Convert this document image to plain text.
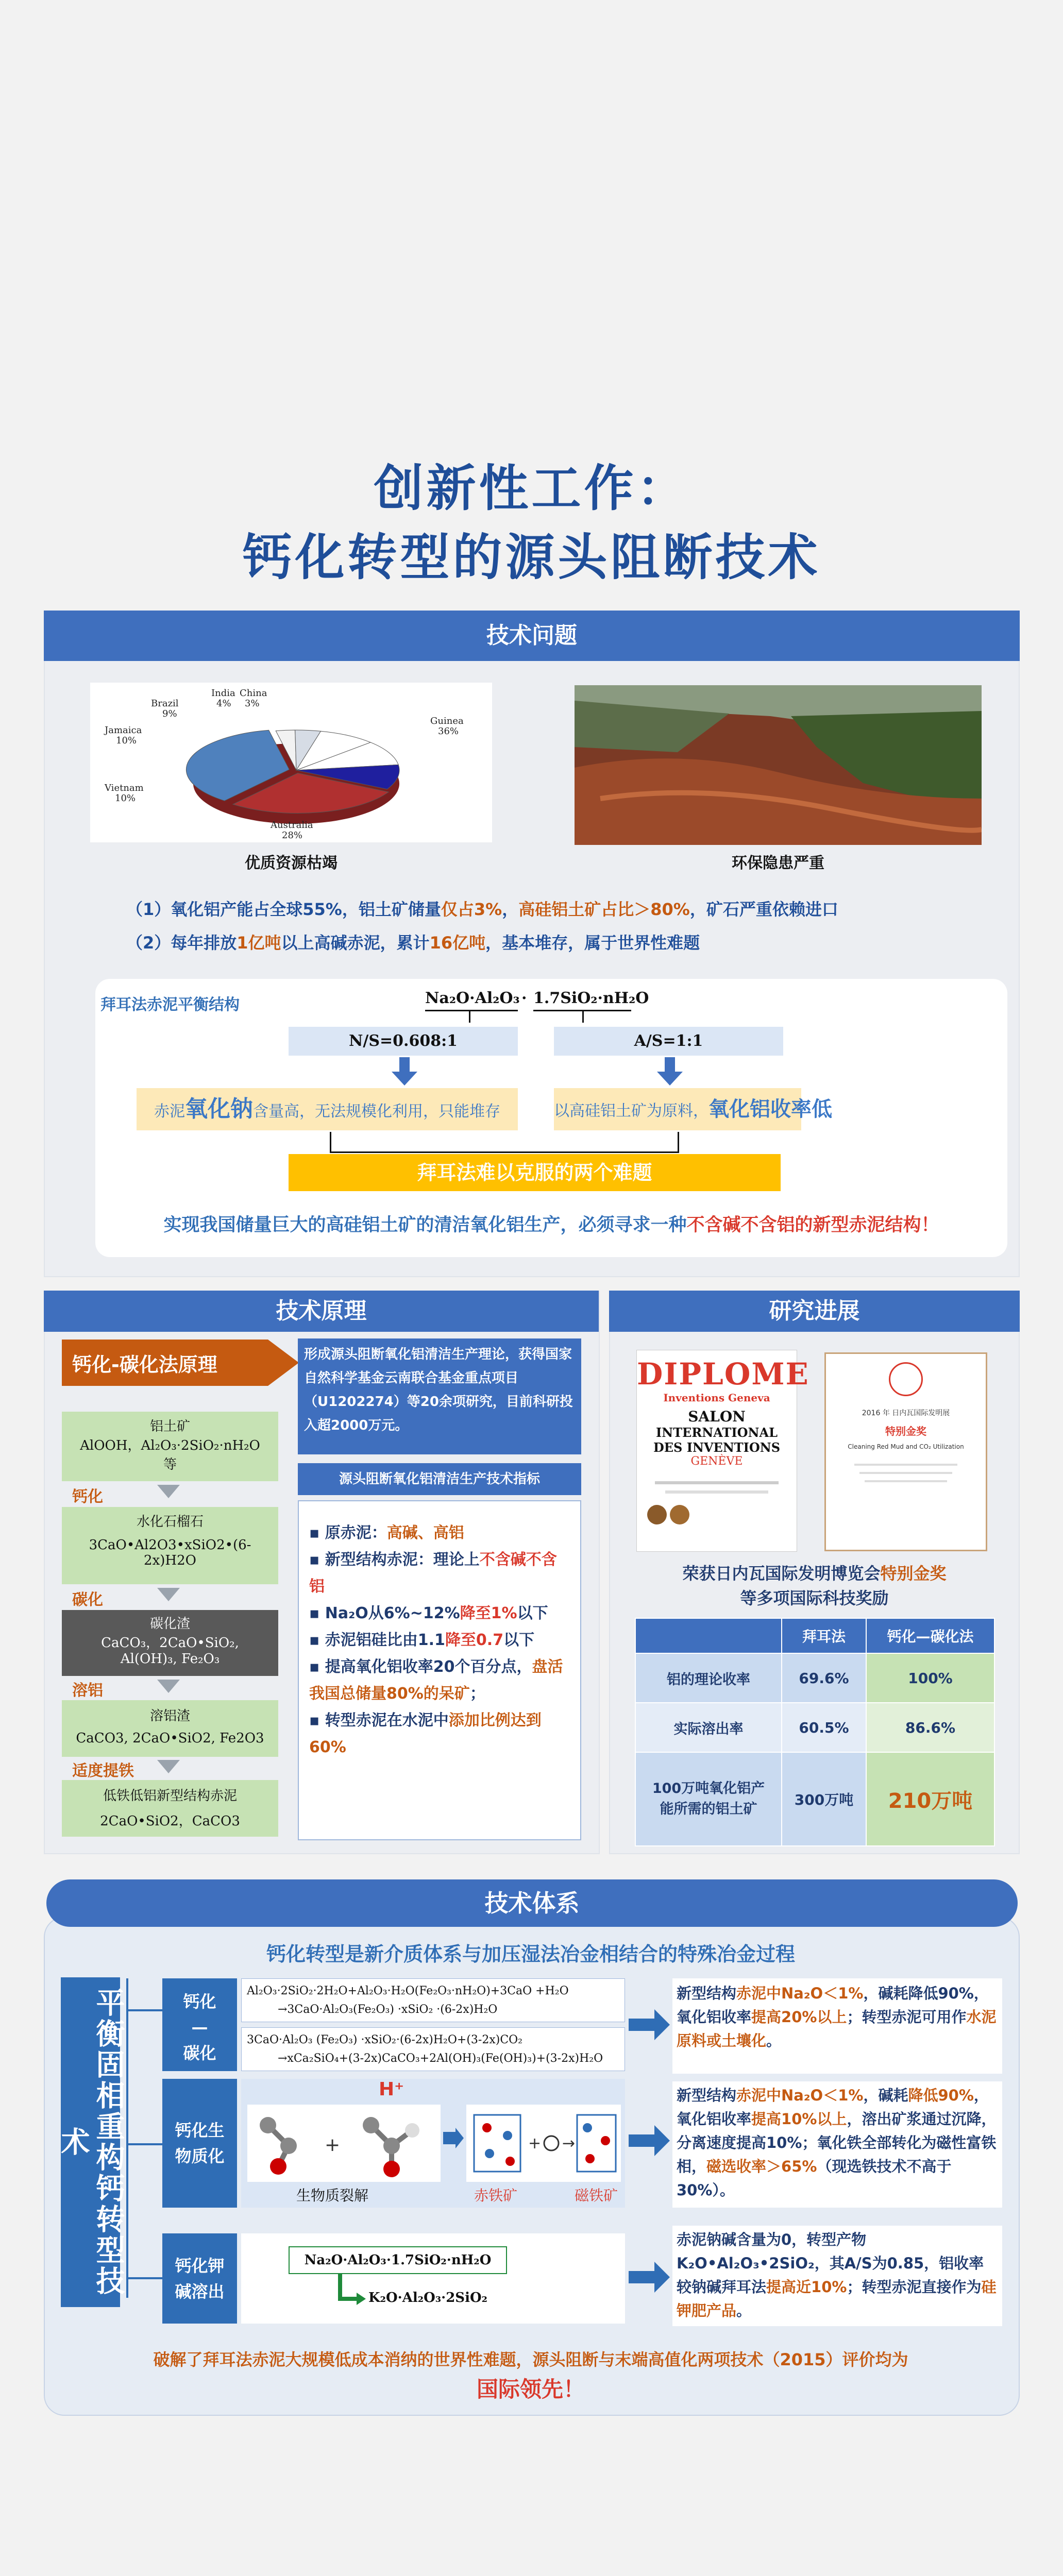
创新性工作：
钙化转型的源头阻断技术
技术问题
China
3%
India
4%
Brazil
9%
Jamaica
10%
Vietnam
10%
Australia
28%
Guinea
36%
优质资源枯竭	环保隐患严重
（1）氧化铝产能占全球55%，铝土矿储量仅占3%，高硅铝土矿占比＞80%，矿石严重依赖进口
（2）每年排放1亿吨以上高碱赤泥，累计16亿吨，基本堆存，属于世界性难题
拜耳法赤泥平衡结构	Na₂O·Al₂O₃ · 1.7SiO₂·nH₂O
N/S=0.608:1	A/S=1:1
赤泥氧化钠含量高，无法规模化利用，只能堆存	以高硅铝土矿为原料，氧化铝收率低
拜耳法难以克服的两个难题
实现我国储量巨大的高硅铝土矿的清洁氧化铝生产，必须寻求一种不含碱不含铝的新型赤泥结构！
技术原理
钙化-碳化法原理
铝土矿
AlOOH，Al₂O₃·2SiO₂·nH₂O
等
钙化
水化石榴石
3CaO•Al2O3•xSiO2•(6-
2x)H2O
碳化
碳化渣
CaCO₃，2CaO•SiO₂,
Al(OH)₃, Fe₂O₃
溶铝
溶铝渣
CaCO3, 2CaO•SiO2, Fe2O3
适度提铁
低铁低铝新型结构赤泥
2CaO•SiO2，CaCO3
形成源头阻断氧化铝清洁生产理论，获得国家自然科学基金云南联合基金重点项目（U1202274）等20余项研究，目前科研投入超2000万元。
源头阻断氧化铝清洁生产技术指标
▪ 原赤泥：高碱、高铝
▪ 新型结构赤泥：理论上不含碱不含铝
▪ Na₂O从6%~12%降至1%以下
▪ 赤泥铝硅比由1.1降至0.7以下
▪ 提高氧化铝收率20个百分点，盘活我国总储量80%的呆矿；
▪ 转型赤泥在水泥中添加比例达到60%
研究进展
DIPLOME
Inventions Geneva
SALON
INTERNATIONAL
DES INVENTIONS
GENÈVE
2016 年 日内瓦国际发明展
特别金奖
Cleaning Red Mud and CO₂ Utilization
荣获日内瓦国际发明博览会特别金奖
等多项国际科技奖励
	拜耳法	钙化—碳化法
铝的理论收率	69.6%	100%
实际溶出率	60.5%	86.6%
100万吨氧化铝产能所需的铝土矿	300万吨	210万吨
技术体系
钙化转型是新介质体系与加压湿法冶金相结合的特殊冶金过程
平衡固相重构钙转型技术
钙化
—
碳化
Al₂O₃·2SiO₂·2H₂O+Al₂O₃·H₂O(Fe₂O₃·nH₂O)+3CaO +H₂O
→3CaO·Al₂O₃(Fe₂O₃) ·xSiO₂ ·(6-2x)H₂O
3CaO·Al₂O₃ (Fe₂O₃) ·xSiO₂·(6-2x)H₂O+(3-2x)CO₂
→xCa₂SiO₄+(3-2x)CaCO₃+2Al(OH)₃(Fe(OH)₃)+(3-2x)H₂O
新型结构赤泥中Na₂O＜1%，碱耗降低90%，氧化铝收率提高20%以上；转型赤泥可用作水泥原料或土壤化。
钙化生物质化
H⁺
+
生物质裂解
+ →
赤铁矿	磁铁矿
新型结构赤泥中Na₂O＜1%，碱耗降低90%，氧化铝收率提高10%以上，溶出矿浆通过沉降，分离速度提高10%；氧化铁全部转化为磁性富铁相，磁选收率＞65%（现选铁技术不高于30%）。
钙化钾碱溶出
Na₂O·Al₂O₃·1.7SiO₂·nH₂O
K₂O·Al₂O₃·2SiO₂
赤泥钠碱含量为0，转型产物K₂O•Al₂O₃•2SiO₂，其A/S为0.85，铝收率较钠碱拜耳法提高近10%；转型赤泥直接作为硅钾肥产品。
破解了拜耳法赤泥大规模低成本消纳的世界性难题，源头阻断与末端高值化两项技术（2015）评价均为
国际领先！
